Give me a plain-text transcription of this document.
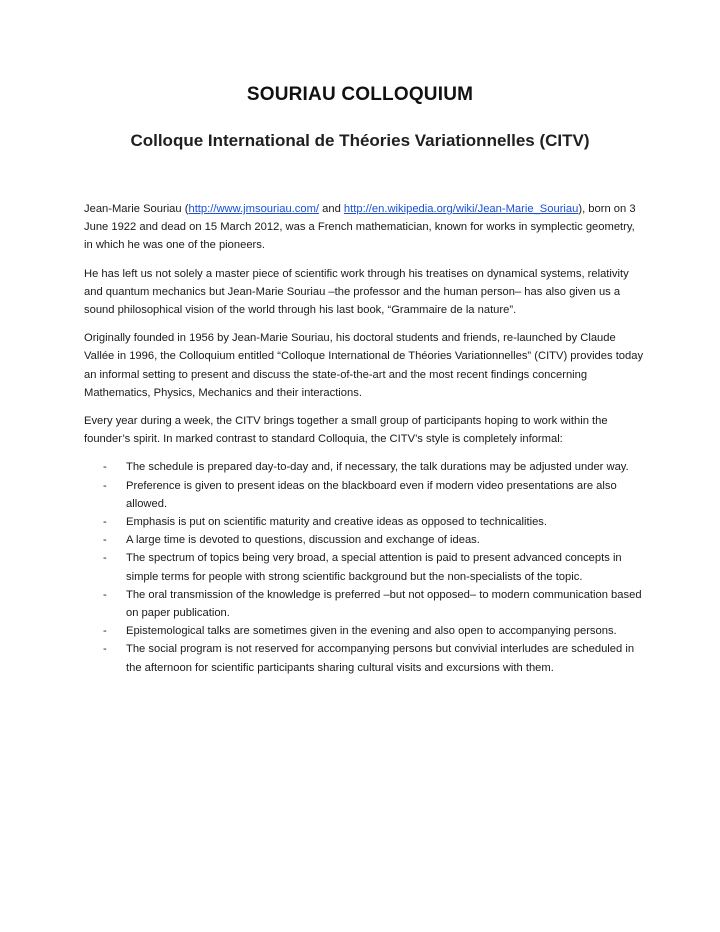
SOURIAU COLLOQUIUM
Colloque International de Théories Variationnelles (CITV)

Jean-Marie Souriau (http://www.jmsouriau.com/ and http://en.wikipedia.org/wiki/Jean-Marie_Souriau), born on 3 June 1922 and dead on 15 March 2012, was a French mathematician, known for works in symplectic geometry, in which he was one of the pioneers.

He has left us not solely a master piece of scientific work through his treatises on dynamical systems, relativity and quantum mechanics but Jean-Marie Souriau –the professor and the human person– has also given us a sound philosophical vision of the world through his last book, “Grammaire de la nature”.

Originally founded in 1956 by Jean-Marie Souriau, his doctoral students and friends, re-launched by Claude Vallée in 1996, the Colloquium entitled “Colloque International de Théories Variationnelles” (CITV) provides today an informal setting to present and discuss the state-of-the-art and the most recent findings concerning Mathematics, Physics, Mechanics and their interactions.

Every year during a week, the CITV brings together a small group of participants hoping to work within the founder’s spirit. In marked contrast to standard Colloquia, the CITV’s style is completely informal:

- The schedule is prepared day-to-day and, if necessary, the talk durations may be adjusted under way.
- Preference is given to present ideas on the blackboard even if modern video presentations are also allowed.
- Emphasis is put on scientific maturity and creative ideas as opposed to technicalities.
- A large time is devoted to questions, discussion and exchange of ideas.
- The spectrum of topics being very broad, a special attention is paid to present advanced concepts in simple terms for people with strong scientific background but the non-specialists of the topic.
- The oral transmission of the knowledge is preferred –but not opposed– to modern communication based on paper publication.
- Epistemological talks are sometimes given in the evening and also open to accompanying persons.
- The social program is not reserved for accompanying persons but convivial interludes are scheduled in the afternoon for scientific participants sharing cultural visits and excursions with them.
